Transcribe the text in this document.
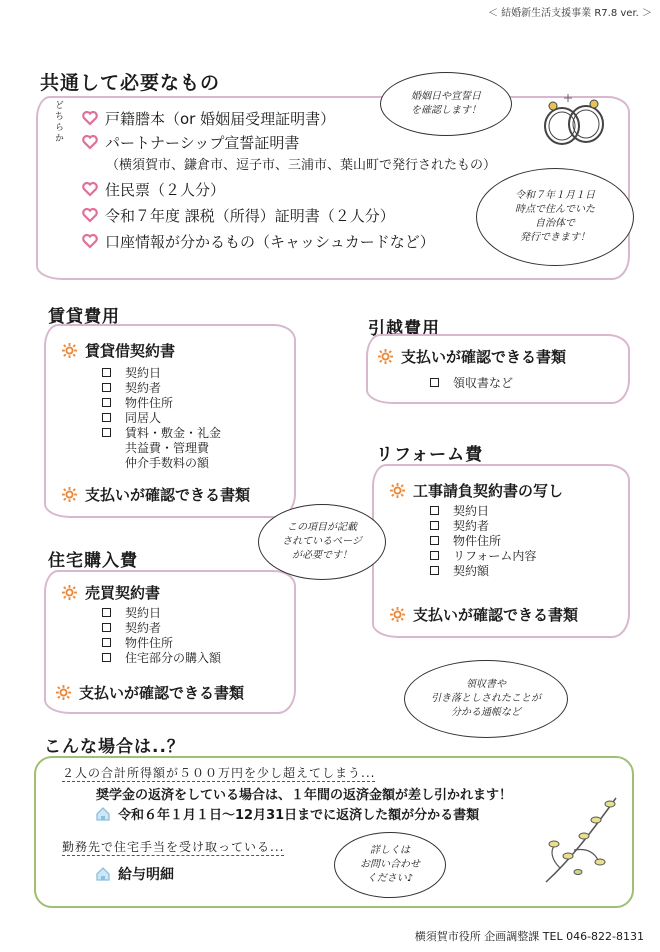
＜ 結婚新生活支援事業 R7.8 ver. ＞
共通して必要なもの
どちらか	戸籍謄本（or 婚姻届受理証明書）
パートナーシップ宣誓証明書
（横須賀市、鎌倉市、逗子市、三浦市、葉山町で発行されたもの）
住民票（２人分）
令和７年度 課税（所得）証明書（２人分）
口座情報が分かるもの（キャッシュカードなど）
婚姻日や宣誓日
を確認します！
令和７年１月１日
時点で住んでいた
自治体で
発行できます！
賃貸費用
賃貸借契約書
契約日
契約者
物件住所
同居人
賃料・敷金・礼金
共益費・管理費
仲介手数料の額
支払いが確認できる書類
引越費用
支払いが確認できる書類
領収書など
リフォーム費
工事請負契約書の写し
契約日
契約者
物件住所
リフォーム内容
契約額
支払いが確認できる書類
住宅購入費
売買契約書
契約日
契約者
物件住所
住宅部分の購入額
支払いが確認できる書類
この項目が記載
されているページ
が必要です！
領収書や
引き落としされたことが
分かる通帳など
こんな場合は..？
２人の合計所得額が５００万円を少し超えてしまう...
奨学金の返済をしている場合は、１年間の返済金額が差し引かれます！
令和６年１月１日～12月31日までに返済した額が分かる書類
勤務先で住宅手当を受け取っている...
給与明細
詳しくは
お問い合わせ
ください♪
横須賀市役所 企画調整課 TEL 046-822-8131
